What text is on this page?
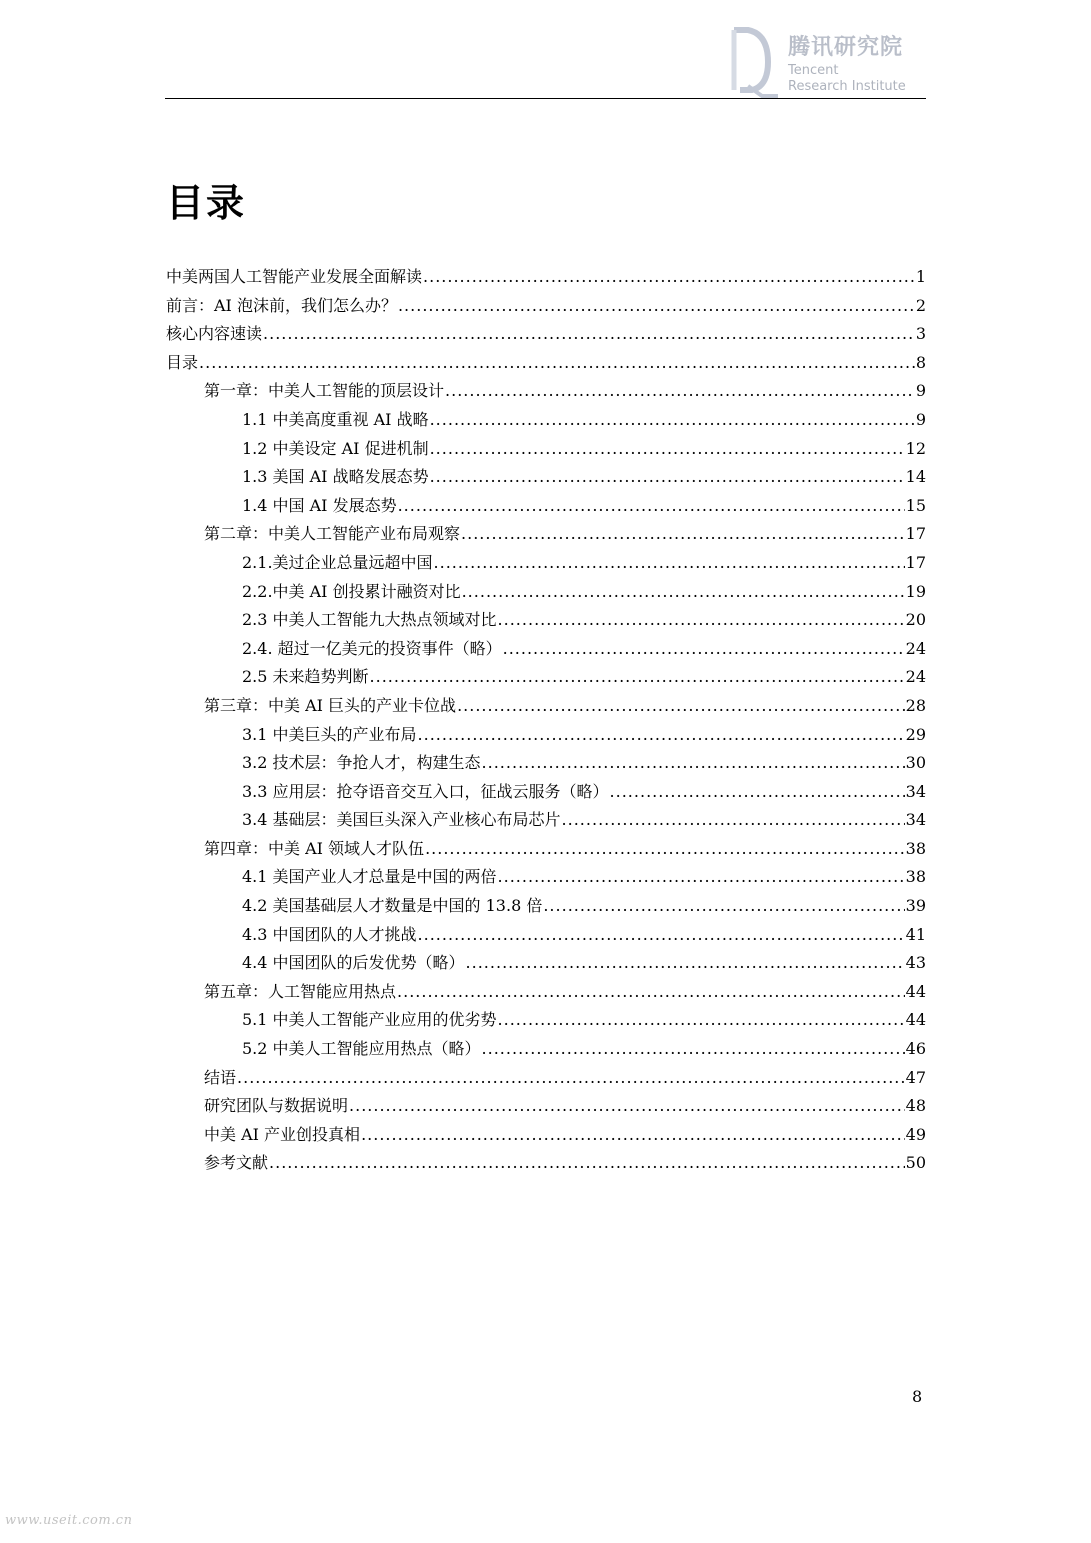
腾讯研究院
Tencent
Research Institute
目录
中美两国人工智能产业发展全面解读 .....	1
前言：AI 泡沫前，我们怎么办？ .....	2
核心内容速读 .....	3
目录 .....	8
第一章：中美人工智能的顶层设计 .....	9
1.1 中美高度重视 AI 战略 .....	9
1.2 中美设定 AI 促进机制 .....	12
1.3 美国 AI 战略发展态势 .....	14
1.4 中国 AI 发展态势 .....	15
第二章：中美人工智能产业布局观察 .....	17
2.1.美过企业总量远超中国 .....	17
2.2.中美 AI 创投累计融资对比 .....	19
2.3 中美人工智能九大热点领域对比 .....	20
2.4. 超过一亿美元的投资事件（略） .....	24
2.5 未来趋势判断 .....	24
第三章：中美 AI 巨头的产业卡位战 .....	28
3.1 中美巨头的产业布局 .....	29
3.2 技术层：争抢人才，构建生态 .....	30
3.3 应用层：抢夺语音交互入口，征战云服务（略） .....	34
3.4 基础层：美国巨头深入产业核心布局芯片 .....	34
第四章：中美 AI 领域人才队伍 .....	38
4.1 美国产业人才总量是中国的两倍 .....	38
4.2 美国基础层人才数量是中国的 13.8 倍 .....	39
4.3 中国团队的人才挑战 .....	41
4.4 中国团队的后发优势（略） .....	43
第五章：人工智能应用热点 .....	44
5.1 中美人工智能产业应用的优劣势 .....	44
5.2 中美人工智能应用热点（略） .....	46
结语 .....	47
研究团队与数据说明 .....	48
中美 AI 产业创投真相 .....	49
参考文献 .....	50
8
www.useit.com.cn
